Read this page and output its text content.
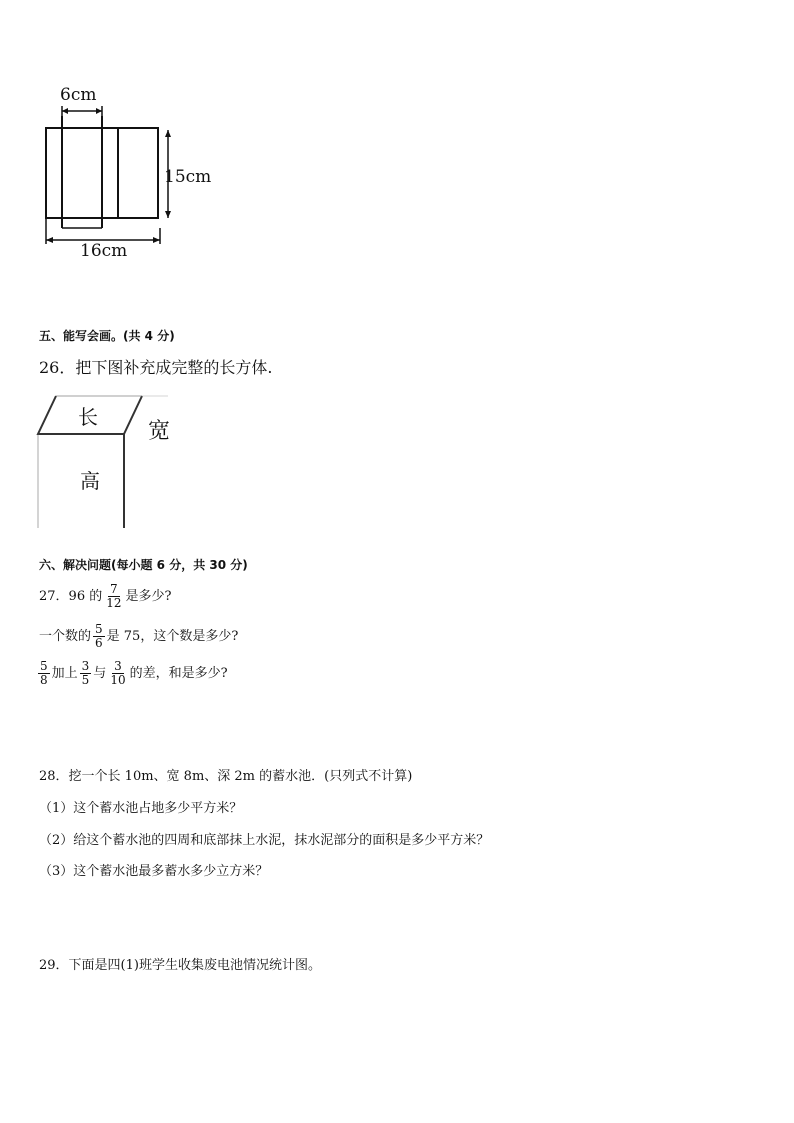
6cm
15cm
16cm
五、能写会画。(共 4 分)
26．把下图补充成完整的长方体.
长
宽
高
六、解决问题(每小题 6 分，共 30 分)
27．96 的 $\frac{7}{12}$ 是多少?
一个数的 $\frac{5}{6}$ 是 75，这个数是多少?
$\frac{5}{8}$ 加上 $\frac{3}{5}$ 与 $\frac{3}{10}$ 的差，和是多少?
28．挖一个长 10m、宽 8m、深 2m 的蓄水池．(只列式不计算)
（1）这个蓄水池占地多少平方米？
（2）给这个蓄水池的四周和底部抹上水泥，抹水泥部分的面积是多少平方米？
（3）这个蓄水池最多蓄水多少立方米？
29．下面是四(1)班学生收集废电池情况统计图。
